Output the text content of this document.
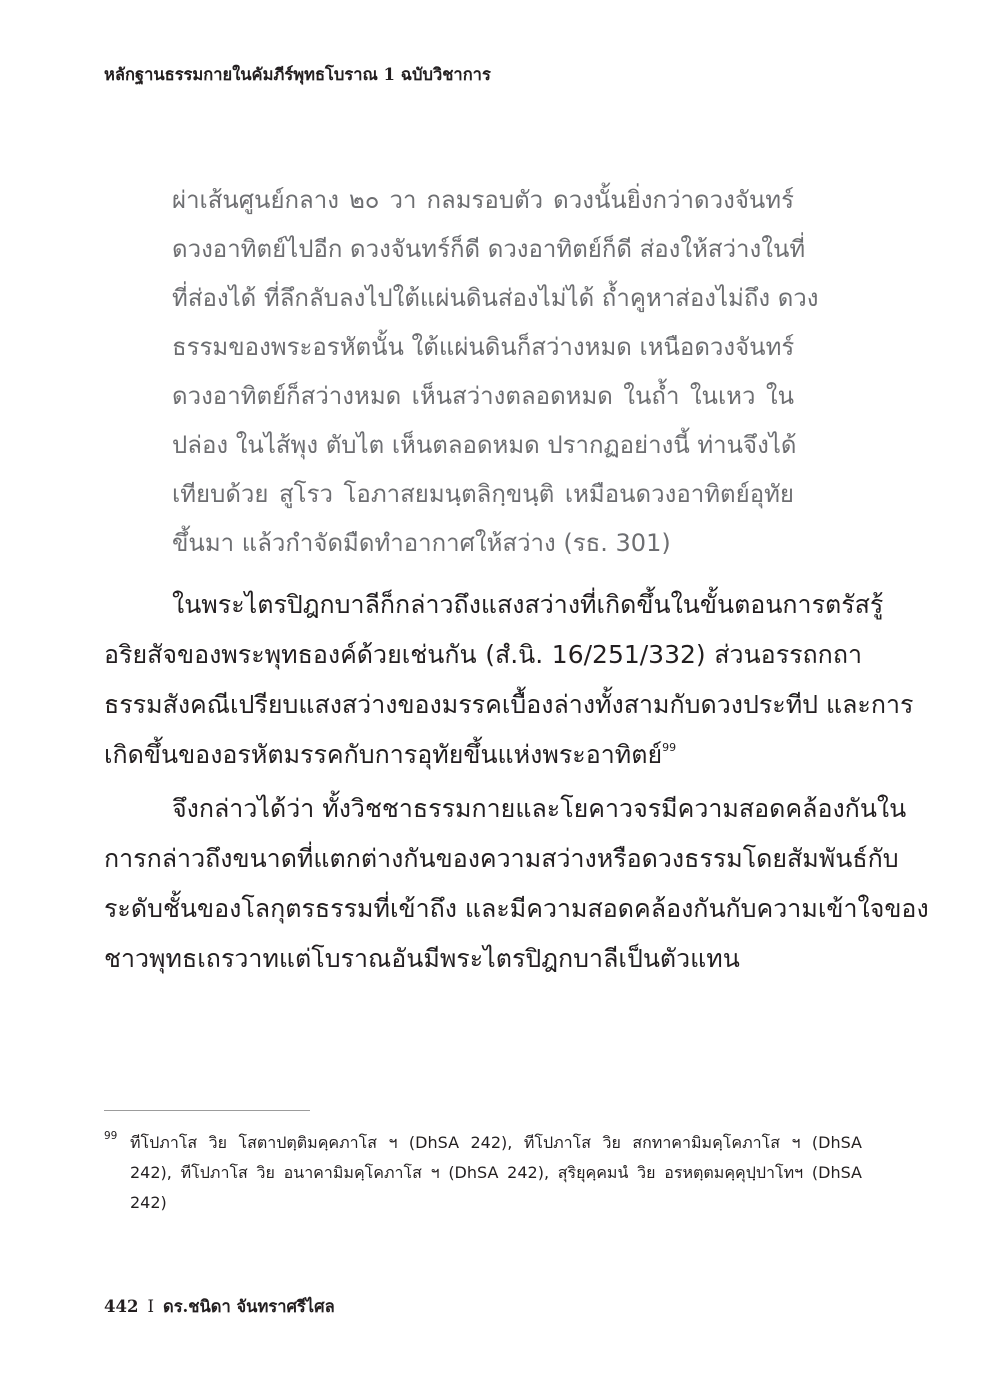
หลักฐานธรรมกายในคัมภีร์พุทธโบราณ 1 ฉบับวิชาการ
ผ่าเส้นศูนย์กลาง ๒๐ วา กลมรอบตัว ดวงนั้นยิ่งกว่าดวงจันทร์
ดวงอาทิตย์ไปอีก ดวงจันทร์ก็ดี ดวงอาทิตย์ก็ดี ส่องให้สว่างในที่
ที่ส่องได้ ที่ลึกลับลงไปใต้แผ่นดินส่องไม่ได้ ถ้ำคูหาส่องไม่ถึง ดวง
ธรรมของพระอรหัตนั้น ใต้แผ่นดินก็สว่างหมด เหนือดวงจันทร์
ดวงอาทิตย์ก็สว่างหมด เห็นสว่างตลอดหมด ในถ้ำ ในเหว ใน
ปล่อง ในไส้พุง ตับไต เห็นตลอดหมด ปรากฏอย่างนี้ ท่านจึงได้
เทียบด้วย สูโรว โอภาสยมนฺตลิกฺขนฺติ เหมือนดวงอาทิตย์อุทัย
ขึ้นมา แล้วกำจัดมืดทำอากาศให้สว่าง (รธ. 301)
ในพระไตรปิฎกบาลีก็กล่าวถึงแสงสว่างที่เกิดขึ้นในขั้นตอนการตรัสรู้
อริยสัจของพระพุทธองค์ด้วยเช่นกัน (สํ.นิ. 16/251/332) ส่วนอรรถกถา
ธรรมสังคณีเปรียบแสงสว่างของมรรคเบื้องล่างทั้งสามกับดวงประทีป และการ
เกิดขึ้นของอรหัตมรรคกับการอุทัยขึ้นแห่งพระอาทิตย์$^{99}$
จึงกล่าวได้ว่า ทั้งวิชชาธรรมกายและโยคาวจรมีความสอดคล้องกันใน
การกล่าวถึงขนาดที่แตกต่างกันของความสว่างหรือดวงธรรมโดยสัมพันธ์กับ
ระดับชั้นของโลกุตรธรรมที่เข้าถึง และมีความสอดคล้องกันกับความเข้าใจของ
ชาวพุทธเถรวาทแต่โบราณอันมีพระไตรปิฎกบาลีเป็นตัวแทน
99 ทีโปภาโส วิย โสตาปตฺติมคฺคภาโส ฯ (DhSA 242), ทีโปภาโส วิย สกทาคามิมคฺโคภาโส ฯ (DhSA
242), ทีโปภาโส วิย อนาคามิมคฺโคภาโส ฯ (DhSA 242), สุริยุคฺคมนํ วิย อรหตฺตมคฺคุปฺปาโทฯ (DhSA
242)
442 I ดร.ชนิดา จันทราศรีไศล
